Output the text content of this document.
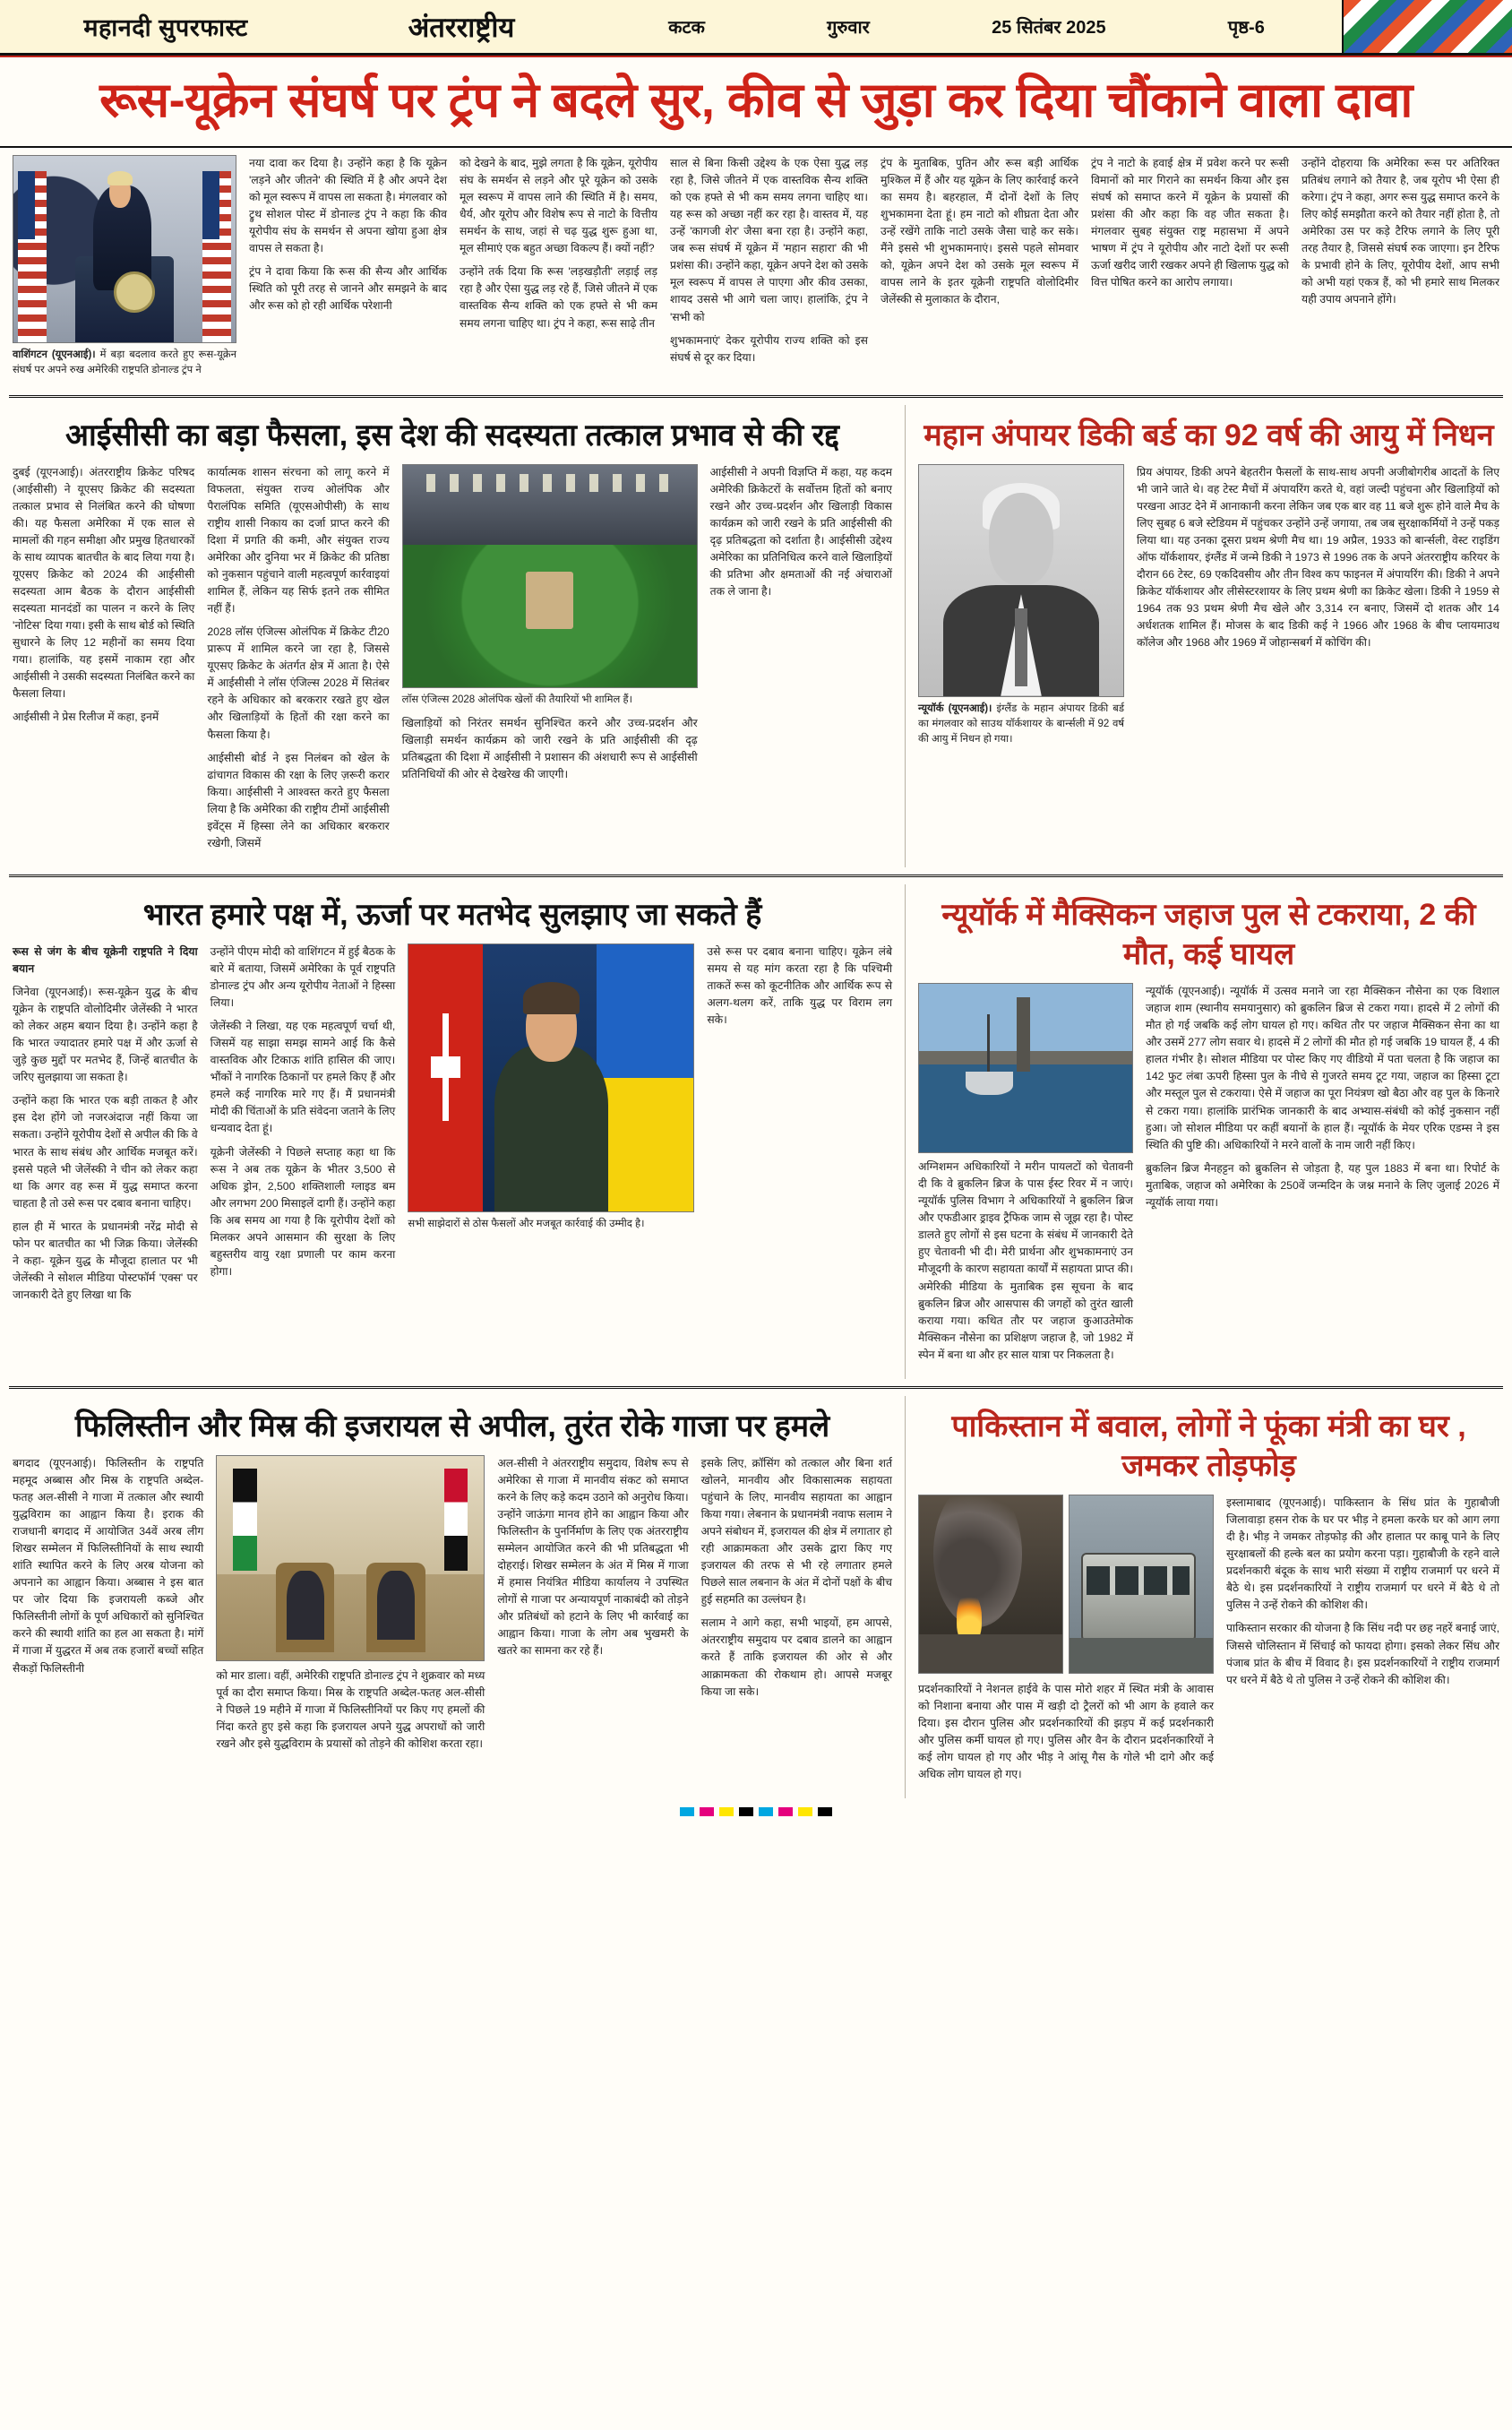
महानदी सुपरफास्ट	अंतरराष्ट्रीय	कटक	गुरुवार	25 सितंबर 2025	पृष्ठ-6
रूस-यूक्रेन संघर्ष पर ट्रंप ने बदले सुर, कीव से जुड़ा कर दिया चौंकाने वाला दावा
वाशिंगटन (यूएनआई)। में बड़ा बदलाव करते हुए रूस-यूक्रेन संघर्ष पर अपने रुख अमेरिकी राष्ट्रपति डोनाल्ड ट्रंप ने

नया दावा कर दिया है। उन्होंने कहा है कि यूक्रेन 'लड़ने और जीतने' की स्थिति में है और अपने देश को मूल स्वरूप में वापस ला सकता है। मंगलवार को ट्रुथ सोशल पोस्ट में डोनाल्ड ट्रंप ने कहा कि कीव यूरोपीय संघ के समर्थन से अपना खोया हुआ क्षेत्र वापस ले सकता है।

ट्रंप ने दावा किया कि रूस की सैन्य और आर्थिक स्थिति को पूरी तरह से जानने और समझने के बाद और रूस को हो रही आर्थिक परेशानी

को देखने के बाद, मुझे लगता है कि यूक्रेन, यूरोपीय संघ के समर्थन से लड़ने और पूरे यूक्रेन को उसके मूल स्वरूप में वापस लाने की स्थिति में है। समय, धैर्य, और यूरोप और विशेष रूप से नाटो के वित्तीय समर्थन के साथ, जहां से चढ़ युद्ध शुरू हुआ था, मूल सीमाएं एक बहुत अच्छा विकल्प हैं। क्यों नहीं?

उन्होंने तर्क दिया कि रूस 'लड़खड़ाैती' लड़ाई लड़ रहा है और ऐसा युद्ध लड़ रहे हैं, जिसे जीतने में एक वास्तविक सैन्य शक्ति को एक हफ्ते से भी कम समय लगना चाहिए था। ट्रंप ने कहा, रूस साढ़े तीन

साल से बिना किसी उद्देश्य के एक ऐसा युद्ध लड़ रहा है, जिसे जीतने में एक वास्तविक सैन्य शक्ति को एक हफ्ते से भी कम समय लगना चाहिए था। यह रूस को अच्छा नहीं कर रहा है। वास्तव में, यह उन्हें 'कागजी शेर' जैसा बना रहा है। उन्होंने कहा, जब रूस संघर्ष में यूक्रेन में 'महान सहारा' की भी प्रशंसा की। उन्होंने कहा, यूक्रेन अपने देश को उसके मूल स्वरूप में वापस ले पाएगा और कीव उसका, शायद उससे भी आगे चला जाए। हालांकि, ट्रंप ने 'सभी को

शुभकामनाएं' देकर यूरोपीय राज्य शक्ति को इस संघर्ष से दूर कर दिया।

ट्रंप के मुताबिक, पुतिन और रूस बड़ी आर्थिक मुश्किल में हैं और यह यूक्रेन के लिए कार्रवाई करने का समय है। बहरहाल, मैं दोनों देशों के लिए शुभकामना देता हूं। हम नाटो को शीघ्रता देता और उन्हें रखेंगे ताकि नाटो उसके जैसा चाहे कर सके। मैंने इससे भी शुभकामनाएं। इससे पहले सोमवार को, यूक्रेन अपने देश को उसके मूल स्वरूप में वापस लाने के इतर यूक्रेनी राष्ट्रपति वोलोदिमीर जेलेंस्की से मुलाकात के दौरान,

ट्रंप ने नाटो के हवाई क्षेत्र में प्रवेश करने पर रूसी विमानों को मार गिराने का समर्थन किया और इस संघर्ष को समाप्त करने में यूक्रेन के प्रयासों की प्रशंसा की और कहा कि वह जीत सकता है। मंगलवार सुबह संयुक्त राष्ट्र महासभा में अपने भाषण में ट्रंप ने यूरोपीय और नाटो देशों पर रूसी ऊर्जा खरीद जारी रखकर अपने ही खिलाफ युद्ध को वित्त पोषित करने का आरोप लगाया।

उन्होंने दोहराया कि अमेरिका रूस पर अतिरिक्त प्रतिबंध लगाने को तैयार है, जब यूरोप भी ऐसा ही करेगा। ट्रंप ने कहा, अगर रूस युद्ध समाप्त करने के लिए कोई समझौता करने को तैयार नहीं होता है, तो अमेरिका उस पर कड़े टैरिफ लगाने के लिए पूरी तरह तैयार है, जिससे संघर्ष रुक जाएगा। इन टैरिफ के प्रभावी होने के लिए, यूरोपीय देशों, आप सभी को अभी यहां एकत्र हैं, को भी हमारे साथ मिलकर यही उपाय अपनाने होंगे।

आईसीसी का बड़ा फैसला, इस देश की सदस्यता तत्काल प्रभाव से की रद्द

दुबई (यूएनआई)। अंतरराष्ट्रीय क्रिकेट परिषद (आईसीसी) ने यूएसए क्रिकेट की सदस्यता तत्काल प्रभाव से निलंबित करने की घोषणा की। यह फैसला अमेरिका में एक साल से मामलों की गहन समीक्षा और प्रमुख हितधारकों के साथ व्यापक बातचीत के बाद लिया गया है। यूएसए क्रिकेट को 2024 की आईसीसी सदस्यता आम बैठक के दौरान आईसीसी सदस्यता मानदंडों का पालन न करने के लिए 'नोटिस' दिया गया। इसी के साथ बोर्ड को स्थिति सुधारने के लिए 12 महीनों का समय दिया गया। हालांकि, यह इसमें नाकाम रहा और आईसीसी ने उसकी सदस्यता निलंबित करने का फैसला लिया।

आईसीसी ने प्रेस रिलीज में कहा, इनमें

कार्यात्मक शासन संरचना को लागू करने में विफलता, संयुक्त राज्य ओलंपिक और पैरालंपिक समिति (यूएसओपीसी) के साथ राष्ट्रीय शासी निकाय का दर्जा प्राप्त करने की दिशा में प्रगति की कमी, और संयुक्त राज्य अमेरिका और दुनिया भर में क्रिकेट की प्रतिष्ठा को नुकसान पहुंचाने वाली महत्वपूर्ण कार्रवाइयां शामिल हैं, लेकिन यह सिर्फ इतने तक सीमित नहीं हैं।

2028 लॉस एंजिल्स ओलंपिक में क्रिकेट टी20 प्रारूप में शामिल करने जा रहा है, जिससे यूएसए क्रिकेट के अंतर्गत क्षेत्र में आता है। ऐसे में आईसीसी ने लॉस एंजिल्स 2028 में सितंबर रहने के अधिकार को बरकरार रखते हुए खेल और खिलाड़ियों के हितों की रक्षा करने का फैसला किया है।

आईसीसी बोर्ड ने इस निलंबन को खेल के ढांचागत विकास की रक्षा के लिए ज़रूरी करार किया। आईसीसी ने आश्वस्त करते हुए फैसला लिया है कि अमेरिका की राष्ट्रीय टीमों आईसीसी इवेंट्स में हिस्सा लेने का अधिकार बरकरार रखेगी, जिसमें

लॉस एंजिल्स 2028 ओलंपिक खेलों की तैयारियों भी शामिल हैं।

खिलाड़ियों को निरंतर समर्थन सुनिश्चित करने और उच्च-प्रदर्शन और खिलाड़ी समर्थन कार्यक्रम को जारी रखने के प्रति आईसीसी की दृढ़ प्रतिबद्धता की दिशा में आईसीसी ने प्रशासन की अंशधारी रूप से आईसीसी प्रतिनिधियों की ओर से देखरेख की जाएगी।

आईसीसी ने अपनी विज्ञप्ति में कहा, यह कदम अमेरिकी क्रिकेटरों के सर्वोत्तम हितों को बनाए रखने और उच्च-प्रदर्शन और खिलाड़ी विकास कार्यक्रम को जारी रखने के प्रति आईसीसी की दृढ़ प्रतिबद्धता को दर्शाता है। आईसीसी उद्देश्य अमेरिका का प्रतिनिधित्व करने वाले खिलाड़ियों की प्रतिभा और क्षमताओं की नई अंचाराओं तक ले जाना है।

महान अंपायर डिकी बर्ड का 92 वर्ष की आयु में निधन
न्यूयॉर्क (यूएनआई)। इंग्लैंड के महान अंपायर डिकी बर्ड का मंगलवार को साउथ यॉर्कशायर के बार्न्सली में 92 वर्ष की आयु में निधन हो गया।

प्रिय अंपायर, डिकी अपने बेहतरीन फैसलों के साथ-साथ अपनी अजीबोगरीब आदतों के लिए भी जाने जाते थे। वह टेस्ट मैचों में अंपायरिंग करते थे, वहां जल्दी पहुंचना और खिलाड़ियों को परखना आउट देने में आनाकानी करना लेकिन जब एक बार वह 11 बजे शुरू होने वाले मैच के लिए सुबह 6 बजे स्टेडियम में पहुंचकर उन्होंने उन्हें जगाया, तब जब सुरक्षाकर्मियों ने उन्हें पकड़ लिया था। यह उनका दूसरा प्रथम श्रेणी मैच था। 19 अप्रैल, 1933 को बार्न्सली, वेस्ट राइडिंग ऑफ यॉर्कशायर, इंग्लैंड में जन्मे डिकी ने 1973 से 1996 तक के अपने अंतरराष्ट्रीय करियर के दौरान 66 टेस्ट, 69 एकदिवसीय और तीन विश्व कप फाइनल में अंपायरिंग की। डिकी ने अपने क्रिकेट यॉर्कशायर और लीसेस्टरशायर के लिए प्रथम श्रेणी का क्रिकेट खेला। डिकी ने 1959 से 1964 तक 93 प्रथम श्रेणी मैच खेले और 3,314 रन बनाए, जिसमें दो शतक और 14 अर्धशतक शामिल हैं। मोजस के बाद डिकी कई ने 1966 और 1968 के बीच प्लायमाउथ कॉलेज और 1968 और 1969 में जोहान्सबर्ग में कोचिंग की।

भारत हमारे पक्ष में, ऊर्जा पर मतभेद सुलझाए जा सकते हैं

रूस से जंग के बीच यूक्रेनी राष्ट्रपति ने दिया बयान

जिनेवा (यूएनआई)। रूस-यूक्रेन युद्ध के बीच यूक्रेन के राष्ट्रपति वोलोदिमीर जेलेंस्की ने भारत को लेकर अहम बयान दिया है। उन्होंने कहा है कि भारत ज्यादातर हमारे पक्ष में और ऊर्जा से जुड़े कुछ मुद्दों पर मतभेद हैं, जिन्हें बातचीत के जरिए सुलझाया जा सकता है।

उन्होंने कहा कि भारत एक बड़ी ताकत है और इस देश होंगे जो नजरअंदाज नहीं किया जा सकता। उन्होंने यूरोपीय देशों से अपील की कि वे भारत के साथ संबंध और आर्थिक मजबूत करें। इससे पहले भी जेलेंस्की ने चीन को लेकर कहा था कि अगर वह रूस में युद्ध समाप्त करना चाहता है तो उसे रूस पर दबाव बनाना चाहिए।

हाल ही में भारत के प्रधानमंत्री नरेंद्र मोदी से फोन पर बातचीत का भी जिक्र किया। जेलेंस्की ने कहा- यूक्रेन युद्ध के मौजूदा हालात पर भी जेलेंस्की ने सोशल मीडिया पोस्टफॉर्म 'एक्स' पर जानकारी देते हुए लिखा था कि

उन्होंने पीएम मोदी को वाशिंगटन में हुई बैठक के बारे में बताया, जिसमें अमेरिका के पूर्व राष्ट्रपति डोनाल्ड ट्रंप और अन्य यूरोपीय नेताओं ने हिस्सा लिया।

जेलेंस्की ने लिखा, यह एक महत्वपूर्ण चर्चा थी, जिसमें यह साझा समझ सामने आई कि कैसे वास्तविक और टिकाऊ शांति हासिल की जाए। भौंकों ने नागरिक ठिकानों पर हमले किए हैं और हमले कई नागरिक मारे गए हैं। मैं प्रधानमंत्री मोदी की चिंताओं के प्रति संवेदना जताने के लिए धन्यवाद देता हूं।

यूक्रेनी जेलेंस्की ने पिछले सप्ताह कहा था कि रूस ने अब तक यूक्रेन के भीतर 3,500 से अधिक ड्रोन, 2,500 शक्तिशाली ग्लाइड बम और लगभग 200 मिसाइलें दागी हैं। उन्होंने कहा कि अब समय आ गया है कि यूरोपीय देशों को मिलकर अपने आसमान की सुरक्षा के लिए बहुस्तरीय वायु रक्षा प्रणाली पर काम करना होगा।

सभी साझेदारों से ठोस फैसलों और मजबूत कार्रवाई की उम्मीद है।

उसे रूस पर दबाव बनाना चाहिए। यूक्रेन लंबे समय से यह मांग करता रहा है कि पश्चिमी ताकतें रूस को कूटनीतिक और आर्थिक रूप से अलग-थलग करें, ताकि युद्ध पर विराम लग सके।

न्यूयॉर्क में मैक्सिकन जहाज पुल से टकराया, 2 की मौत, कई घायल

अग्निशमन अधिकारियों ने मरीन पायलटों को चेतावनी दी कि वे ब्रुकलिन ब्रिज के पास ईस्ट रिवर में न जाएं। न्यूयॉर्क पुलिस विभाग ने अधिकारियों ने ब्रुकलिन ब्रिज और एफडीआर ड्राइव ट्रैफिक जाम से जूझ रहा है। पोस्ट डालते हुए लोगों से इस घटना के संबंध में जानकारी देते हुए चेतावनी भी दी। मेरी प्रार्थना और शुभकामनाएं उन मौजूदगी के कारण सहायता कार्यों में सहायता प्राप्त की। अमेरिकी मीडिया के मुताबिक इस सूचना के बाद ब्रुकलिन ब्रिज और आसपास की जगहों को तुरंत खाली कराया गया। कथित तौर पर जहाज कुआउतेमोक मैक्सिकन नौसेना का प्रशिक्षण जहाज है, जो 1982 में स्पेन में बना था और हर साल यात्रा पर निकलता है।

न्यूयॉर्क (यूएनआई)। न्यूयॉर्क में उत्सव मनाने जा रहा मैक्सिकन नौसेना का एक विशाल जहाज शाम (स्थानीय समयानुसार) को ब्रुकलिन ब्रिज से टकरा गया। हादसे में 2 लोगों की मौत हो गई जबकि कई लोग घायल हो गए। कथित तौर पर जहाज मैक्सिकन सेना का था और उसमें 277 लोग सवार थे। हादसे में 2 लोगों की मौत हो गई जबकि 19 घायल हैं, 4 की हालत गंभीर है। सोशल मीडिया पर पोस्ट किए गए वीडियो में पता चलता है कि जहाज का 142 फुट लंबा ऊपरी हिस्सा पुल के नीचे से गुजरते समय टूट गया, जहाज का हिस्सा टूटा और मस्तूल पुल से टकराया। ऐसे में जहाज का पूरा नियंत्रण खो बैठा और वह पुल के किनारे से टकरा गया। हालांकि प्रारंभिक जानकारी के बाद अभ्यास-संबंधी को कोई नुकसान नहीं हुआ। जो सोशल मीडिया पर कहीं बयानों के हाल हैं। न्यूयॉर्क के मेयर एरिक एडम्स ने इस स्थिति की पुष्टि की। अधिकारियों ने मरने वालों के नाम जारी नहीं किए।

ब्रुकलिन ब्रिज मैनहट्टन को ब्रुकलिन से जोड़ता है, यह पुल 1883 में बना था। रिपोर्ट के मुताबिक, जहाज को अमेरिका के 250वें जन्मदिन के जश्न मनाने के लिए जुलाई 2026 में न्यूयॉर्क लाया गया।

फिलिस्तीन और मिस्र की इजरायल से अपील, तुरंत रोके गाजा पर हमले

बगदाद (यूएनआई)। फिलिस्तीन के राष्ट्रपति महमूद अब्बास और मिस्र के राष्ट्रपति अब्देल-फतह अल-सीसी ने गाजा में तत्काल और स्थायी युद्धविराम का आह्वान किया है। इराक की राजधानी बगदाद में आयोजित 34वें अरब लीग शिखर सम्मेलन में फिलिस्तीनियों के साथ स्थायी शांति स्थापित करने के लिए अरब योजना को अपनाने का आह्वान किया। अब्बास ने इस बात पर जोर दिया कि इजरायली कब्जे और फिलिस्तीनी लोगों के पूर्ण अधिकारों को सुनिश्चित करने की स्थायी शांति का हल आ सकता है। मांगें में गाजा में युद्धरत में अब तक हजारों बच्चों सहित सैकड़ों फिलिस्तीनी

को मार डाला। वहीं, अमेरिकी राष्ट्रपति डोनाल्ड ट्रंप ने शुक्रवार को मध्य पूर्व का दौरा समाप्त किया। मिस्र के राष्ट्रपति अब्देल-फतह अल-सीसी ने पिछले 19 महीने में गाजा में फिलिस्तीनियों पर किए गए हमलों की निंदा करते हुए इसे कहा कि इजरायल अपने युद्ध अपराधों को जारी रखने और इसे युद्धविराम के प्रयासों को तोड़ने की कोशिश करता रहा।

अल-सीसी ने अंतरराष्ट्रीय समुदाय, विशेष रूप से अमेरिका से गाजा में मानवीय संकट को समाप्त करने के लिए कड़े कदम उठाने को अनुरोध किया। उन्होंने जाऊंगा मानव होने का आह्वान किया और फिलिस्तीन के पुनर्निर्माण के लिए एक अंतरराष्ट्रीय सम्मेलन आयोजित करने की भी प्रतिबद्धता भी दोहराई। शिखर सम्मेलन के अंत में मिस्र में गाजा में हमास नियंत्रित मीडिया कार्यालय ने उपस्थित लोगों से गाजा पर अन्यायपूर्ण नाकाबंदी को तोड़ने और प्रतिबंधों को हटाने के लिए भी कार्रवाई का आह्वान किया। गाजा के लोग अब भुखमरी के खतरे का सामना कर रहे हैं।

इसके लिए, क्रॉसिंग को तत्काल और बिना शर्त खोलने, मानवीय और विकासात्मक सहायता पहुंचाने के लिए, मानवीय सहायता का आह्वान किया गया। लेबनान के प्रधानमंत्री नवाफ सलाम ने अपने संबोधन में, इजरायल की क्षेत्र में लगातार हो रही आक्रामकता और उसके द्वारा किए गए इजरायल की तरफ से भी रहे लगातार हमले पिछले साल लबनान के अंत में दोनों पक्षों के बीच हुई सहमति का उल्लंघन है।

सलाम ने आगे कहा, सभी भाइयों, हम आपसे, अंतरराष्ट्रीय समुदाय पर दबाव डालने का आह्वान करते हैं ताकि इजरायल की ओर से और आक्रामकता की रोकथाम हो। आपसे मजबूर किया जा सके।

पाकिस्तान में बवाल, लोगों ने फूंका मंत्री का घर , जमकर तोड़फोड़

प्रदर्शनकारियों ने नेशनल हाईवे के पास मोरो शहर में स्थित मंत्री के आवास को निशाना बनाया और पास में खड़ी दो ट्रैलरों को भी आग के हवाले कर दिया। इस दौरान पुलिस और प्रदर्शनकारियों की झड़प में कई प्रदर्शनकारी और पुलिस कर्मी घायल हो गए। पुलिस और वैन के दौरान प्रदर्शनकारियों ने कई लोग घायल हो गए और भीड़ ने आंसू गैस के गोले भी दागे और कई अधिक लोग घायल हो गए।

इस्लामाबाद (यूएनआई)। पाकिस्तान के सिंध प्रांत के गुहाबौजी जिलावाड़ा हसन रोक के घर पर भीड़ ने हमला करके घर को आग लगा दी है। भीड़ ने जमकर तोड़फोड़ की और हालात पर काबू पाने के लिए सुरक्षाबलों की हल्के बल का प्रयोग करना पड़ा। गुहाबौजी के रहने वाले प्रदर्शनकारी बंदूक के साथ भारी संख्या में राष्ट्रीय राजमार्ग पर धरने में बैठे थे। इस प्रदर्शनकारियों ने राष्ट्रीय राजमार्ग पर धरने में बैठे थे तो पुलिस ने उन्हें रोकने की कोशिश की।

पाकिस्तान सरकार की योजना है कि सिंध नदी पर छह नहरें बनाई जाएं, जिससे चोलिस्तान में सिंचाई को फायदा होगा। इसको लेकर सिंध और पंजाब प्रांत के बीच में विवाद है। इस प्रदर्शनकारियों ने राष्ट्रीय राजमार्ग पर धरने में बैठे थे तो पुलिस ने उन्हें रोकने की कोशिश की।
